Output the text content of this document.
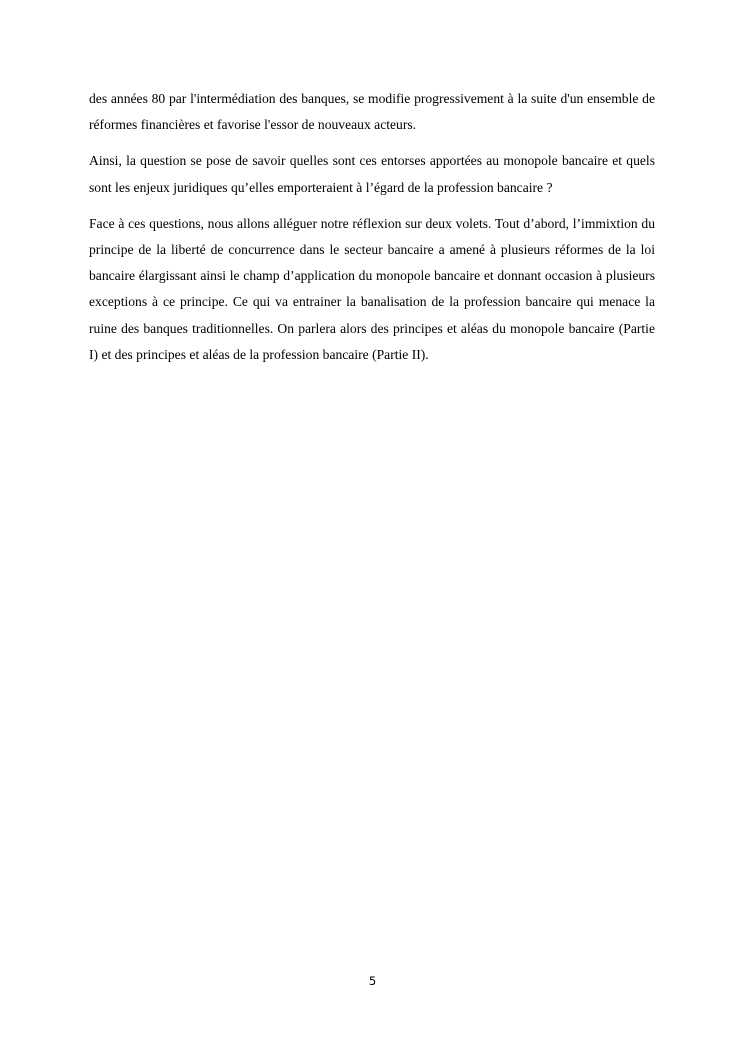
des années 80 par l'intermédiation des banques, se modifie progressivement à la suite d'un ensemble de réformes financières et favorise l'essor de nouveaux acteurs.

Ainsi, la question se pose de savoir quelles sont ces entorses apportées au monopole bancaire et quels sont les enjeux juridiques qu’elles emporteraient à l’égard de la profession bancaire ?

Face à ces questions, nous allons alléguer notre réflexion sur deux volets. Tout d’abord, l’immixtion du principe de la liberté de concurrence dans le secteur bancaire a amené à plusieurs réformes de la loi bancaire élargissant ainsi le champ d’application du monopole bancaire et donnant occasion à plusieurs exceptions à ce principe. Ce qui va entrainer la banalisation de la profession bancaire qui menace la ruine des banques traditionnelles. On parlera alors des principes et aléas du monopole bancaire (Partie I) et des principes et aléas de la profession bancaire (Partie II).

5
